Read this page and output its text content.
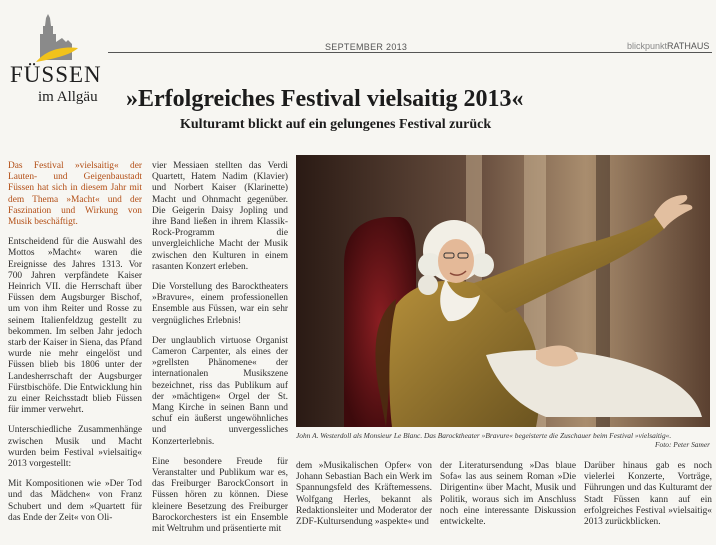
FÜSSEN
im Allgäu
SEPTEMBER 2013	blickpunktRATHAUS
»Erfolgreiches Festival vielsaitig 2013«
Kulturamt blickt auf ein gelungenes Festival zurück

Das Festival »vielsaitig« der Lauten- und Geigenbaustadt Füssen hat sich in diesem Jahr mit dem Thema »Macht« und der Faszination und Wirkung von Musik beschäftigt.

Entscheidend für die Auswahl des Mottos »Macht« waren die Ereignisse des Jahres 1313. Vor 700 Jahren verpfändete Kaiser Heinrich VII. die Herrschaft über Füssen dem Augsburger Bischof, um von ihm Reiter und Rosse zu seinem Italienfeldzug gestellt zu bekommen. Im selben Jahr jedoch starb der Kaiser in Siena, das Pfand wurde nie mehr eingelöst und Füssen blieb bis 1806 unter der Landesherrschaft der Augsburger Fürstbischöfe. Die Entwicklung hin zu einer Reichsstadt blieb Füssen für immer verwehrt.

Unterschiedliche Zusammenhänge zwischen Musik und Macht wurden beim Festival »vielsaitig« 2013 vorgestellt:

Mit Kompositionen wie »Der Tod und das Mädchen« von Franz Schubert und dem »Quartett für das Ende der Zeit« von Oli-

vier Messiaen stellten das Verdi Quartett, Hatem Nadim (Klavier) und Norbert Kaiser (Klarinette) Macht und Ohnmacht gegenüber. Die Geigerin Daisy Jopling und ihre Band ließen in ihrem Klassik-Rock-Programm die unvergleichliche Macht der Musik zwischen den Kulturen in einem rasanten Konzert erleben.

Die Vorstellung des Barocktheaters »Bravure«, einem professionellen Ensemble aus Füssen, war ein sehr vergnügliches Erlebnis!

Der unglaublich virtuose Organist Cameron Carpenter, als eines der »grellsten Phänomene« der internationalen Musikszene bezeichnet, riss das Publikum auf der »mächtigen« Orgel der St. Mang Kirche in seinen Bann und schuf ein äußerst ungewöhnliches und unvergessliches Konzerterlebnis.

Eine besondere Freude für Veranstalter und Publikum war es, das Freiburger BarockConsort in Füssen hören zu können. Diese kleinere Besetzung des Freiburger Barockorchesters ist ein Ensemble mit Weltruhm und präsentierte mit

John A. Westerdoll als Monsieur Le Blanc. Das Barocktheater »Bravure« begeisterte die Zuschauer beim Festival »vielsaitig«.
Foto: Peter Samer

dem »Musikalischen Opfer« von Johann Sebastian Bach ein Werk im Spannungsfeld des Kräftemessens. Wolfgang Herles, bekannt als Redaktionsleiter und Moderator der ZDF-Kultursendung »aspekte« und

der Literatursendung »Das blaue Sofa« las aus seinem Roman »Die Dirigentin« über Macht, Musik und Politik, woraus sich im Anschluss noch eine interessante Diskussion entwickelte.

Darüber hinaus gab es noch vielerlei Konzerte, Vorträge, Führungen und das Kulturamt der Stadt Füssen kann auf ein erfolgreiches Festival »vielsaitig« 2013 zurückblicken.
